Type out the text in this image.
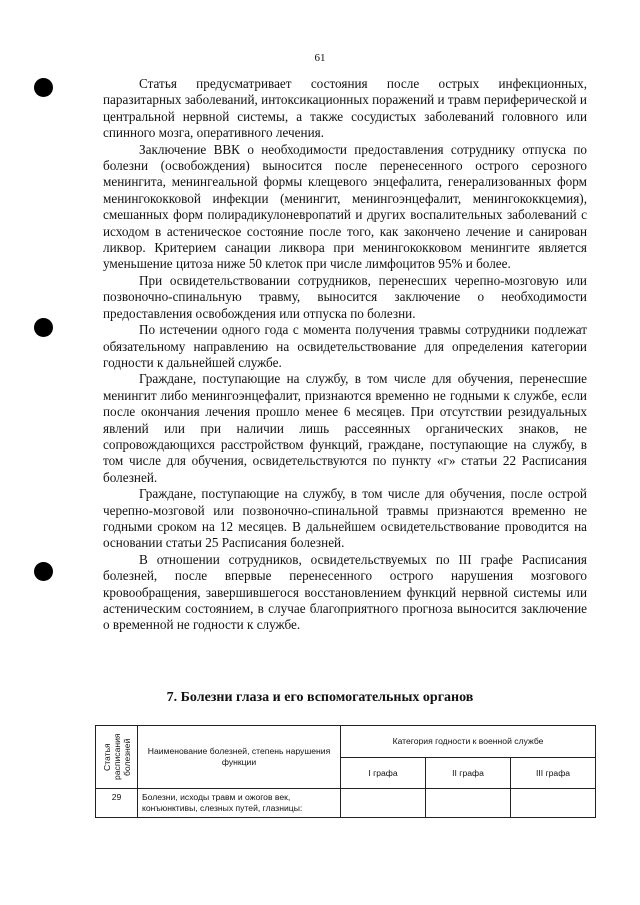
61

Статья предусматривает состояния после острых инфекционных, паразитарных заболеваний, интоксикационных поражений и травм периферической и центральной нервной системы, а также сосудистых заболеваний головного или спинного мозга, оперативного лечения.

Заключение ВВК о необходимости предоставления сотруднику отпуска по болезни (освобождения) выносится после перенесенного острого серозного менингита, менингеальной формы клещевого энцефалита, генерализованных форм менингококковой инфекции (менингит, менингоэнцефалит, менингококкцемия), смешанных форм полирадикулоневропатий и других воспалительных заболеваний с исходом в астеническое состояние после того, как закончено лечение и санирован ликвор. Критерием санации ликвора при менингококковом менингите является уменьшение цитоза ниже 50 клеток при числе лимфоцитов 95% и более.

При освидетельствовании сотрудников, перенесших черепно-мозговую или позвоночно-спинальную травму, выносится заключение о необходимости предоставления освобождения или отпуска по болезни.

По истечении одного года с момента получения травмы сотрудники подлежат обязательному направлению на освидетельствование для определения категории годности к дальнейшей службе.

Граждане, поступающие на службу, в том числе для обучения, перенесшие менингит либо менингоэнцефалит, признаются временно не годными к службе, если после окончания лечения прошло менее 6 месяцев. При отсутствии резидуальных явлений или при наличии лишь рассеянных органических знаков, не сопровождающихся расстройством функций, граждане, поступающие на службу, в том числе для обучения, освидетельствуются по пункту «г» статьи 22 Расписания болезней.

Граждане, поступающие на службу, в том числе для обучения, после острой черепно-мозговой или позвоночно-спинальной травмы признаются временно не годными сроком на 12 месяцев. В дальнейшем освидетельствование проводится на основании статьи 25 Расписания болезней.

В отношении сотрудников, освидетельствуемых по III графе Расписания болезней, после впервые перенесенного острого нарушения мозгового кровообращения, завершившегося восстановлением функций нервной системы или астеническим состоянием, в случае благоприятного прогноза выносится заключение о временной не годности к службе.

7. Болезни глаза и его вспомогательных органов
Статья расписания болезней	Наименование болезней, степень нарушения функции	Категория годности к военной службе		
		I графа	II графа	III графа
29	Болезни, исходы травм и ожогов век, конъюнктивы, слезных путей, глазницы:			
